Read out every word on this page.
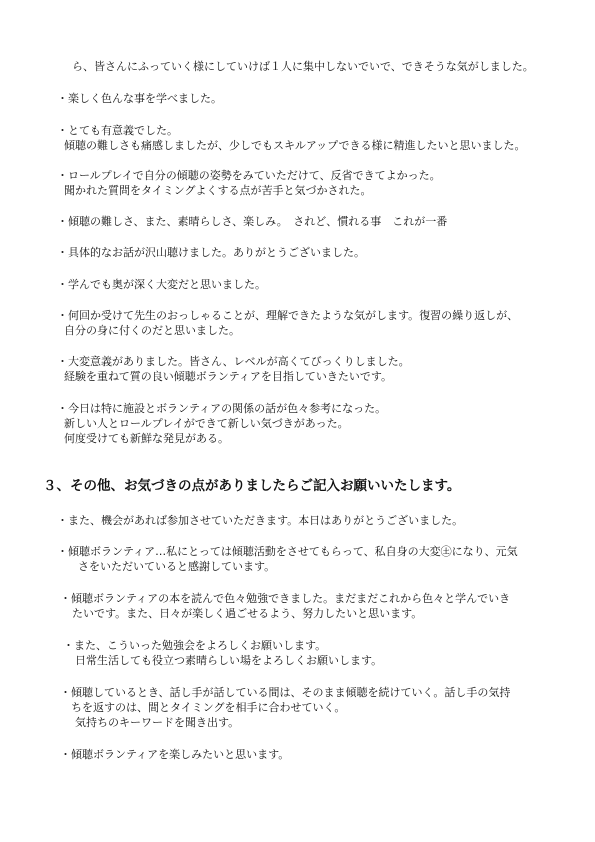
ら、皆さんにふっていく様にしていけば１人に集中しないでいで、できそうな気がしました。

・楽しく色んな事を学べました。

・とても有意義でした。

傾聴の難しさも痛感しましたが、少しでもスキルアップできる様に精進したいと思いました。

・ロールプレイで自分の傾聴の姿勢をみていただけて、反省できてよかった。

聞かれた質問をタイミングよくする点が苦手と気づかされた。

・傾聴の難しさ、また、素晴らしさ、楽しみ。　されど、慣れる事　これが一番

・具体的なお話が沢山聴けました。ありがとうございました。

・学んでも奥が深く大変だと思いました。

・何回か受けて先生のおっしゃることが、理解できたような気がします。復習の繰り返しが、

自分の身に付くのだと思いました。

・大変意義がありました。皆さん、レベルが高くてびっくりしました。

経験を重ねて質の良い傾聴ボランティアを目指していきたいです。

・今日は特に施設とボランティアの関係の話が色々参考になった。

新しい人とロールプレイができて新しい気づきがあった。

何度受けても新鮮な発見がある。

３、その他、お気づきの点がありましたらご記入お願いいたします。

・また、機会があれば参加させていただきます。本日はありがとうございました。

・傾聴ボランティア…私にとっては傾聴活動をさせてもらって、私自身の大変㊏になり、元気

さをいただいていると感謝しています。

・傾聴ボランティアの本を読んで色々勉強できました。まだまだこれから色々と学んでいき

たいです。また、日々が楽しく過ごせるよう、努力したいと思います。

・また、こういった勉強会をよろしくお願いします。

日常生活しても役立つ素晴らしい場をよろしくお願いします。

・傾聴しているとき、話し手が話している間は、そのまま傾聴を続けていく。話し手の気持

ちを返すのは、間とタイミングを相手に合わせていく。

気持ちのキーワードを聞き出す。

・傾聴ボランティアを楽しみたいと思います。
